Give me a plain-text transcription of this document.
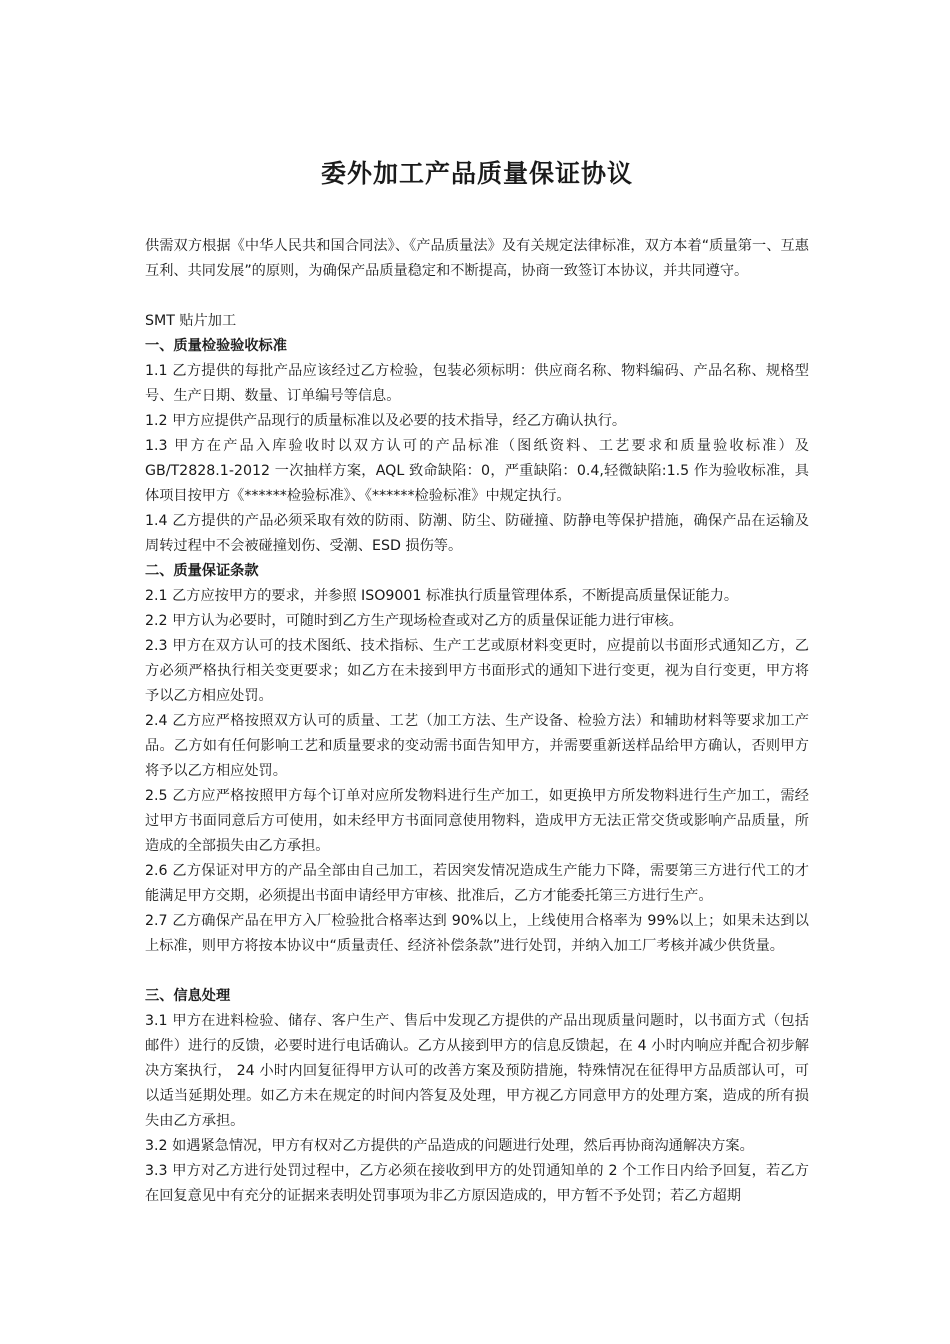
委外加工产品质量保证协议

供需双方根据《中华人民共和国合同法》、《产品质量法》及有关规定法律标准，双方本着“质量第一、互惠互利、共同发展”的原则，为确保产品质量稳定和不断提高，协商一致签订本协议，并共同遵守。

SMT 贴片加工

一、质量检验验收标准

1.1 乙方提供的每批产品应该经过乙方检验，包装必须标明：供应商名称、物料编码、产品名称、规格型号、生产日期、数量、订单编号等信息。

1.2 甲方应提供产品现行的质量标准以及必要的技术指导，经乙方确认执行。

1.3 甲方在产品入库验收时以双方认可的产品标准（图纸资料、工艺要求和质量验收标准）及GB/T2828.1-2012 一次抽样方案，AQL 致命缺陷：0，严重缺陷：0.4,轻微缺陷:1.5 作为验收标准，具体项目按甲方《******检验标准》、《******检验标准》中规定执行。

1.4 乙方提供的产品必须采取有效的防雨、防潮、防尘、防碰撞、防静电等保护措施，确保产品在运输及周转过程中不会被碰撞划伤、受潮、ESD 损伤等。

二、质量保证条款

2.1 乙方应按甲方的要求，并参照 ISO9001 标准执行质量管理体系，不断提高质量保证能力。

2.2 甲方认为必要时，可随时到乙方生产现场检查或对乙方的质量保证能力进行审核。

2.3 甲方在双方认可的技术图纸、技术指标、生产工艺或原材料变更时，应提前以书面形式通知乙方，乙方必须严格执行相关变更要求；如乙方在未接到甲方书面形式的通知下进行变更，视为自行变更，甲方将予以乙方相应处罚。

2.4 乙方应严格按照双方认可的质量、工艺（加工方法、生产设备、检验方法）和辅助材料等要求加工产品。乙方如有任何影响工艺和质量要求的变动需书面告知甲方，并需要重新送样品给甲方确认，否则甲方将予以乙方相应处罚。

2.5 乙方应严格按照甲方每个订单对应所发物料进行生产加工，如更换甲方所发物料进行生产加工，需经过甲方书面同意后方可使用，如未经甲方书面同意使用物料，造成甲方无法正常交货或影响产品质量，所造成的全部损失由乙方承担。

2.6 乙方保证对甲方的产品全部由自己加工，若因突发情况造成生产能力下降，需要第三方进行代工的才能满足甲方交期，必须提出书面申请经甲方审核、批准后，乙方才能委托第三方进行生产。

2.7 乙方确保产品在甲方入厂检验批合格率达到 90%以上，上线使用合格率为 99%以上；如果未达到以上标准，则甲方将按本协议中“质量责任、经济补偿条款”进行处罚，并纳入加工厂考核并减少供货量。

三、信息处理

3.1 甲方在进料检验、储存、客户生产、售后中发现乙方提供的产品出现质量问题时，以书面方式（包括邮件）进行的反馈，必要时进行电话确认。乙方从接到甲方的信息反馈起，在 4 小时内响应并配合初步解决方案执行， 24 小时内回复征得甲方认可的改善方案及预防措施，特殊情况在征得甲方品质部认可，可以适当延期处理。如乙方未在规定的时间内答复及处理，甲方视乙方同意甲方的处理方案，造成的所有损失由乙方承担。

3.2 如遇紧急情况，甲方有权对乙方提供的产品造成的问题进行处理，然后再协商沟通解决方案。

3.3 甲方对乙方进行处罚过程中，乙方必须在接收到甲方的处罚通知单的 2 个工作日内给予回复，若乙方在回复意见中有充分的证据来表明处罚事项为非乙方原因造成的，甲方暂不予处罚；若乙方超期
